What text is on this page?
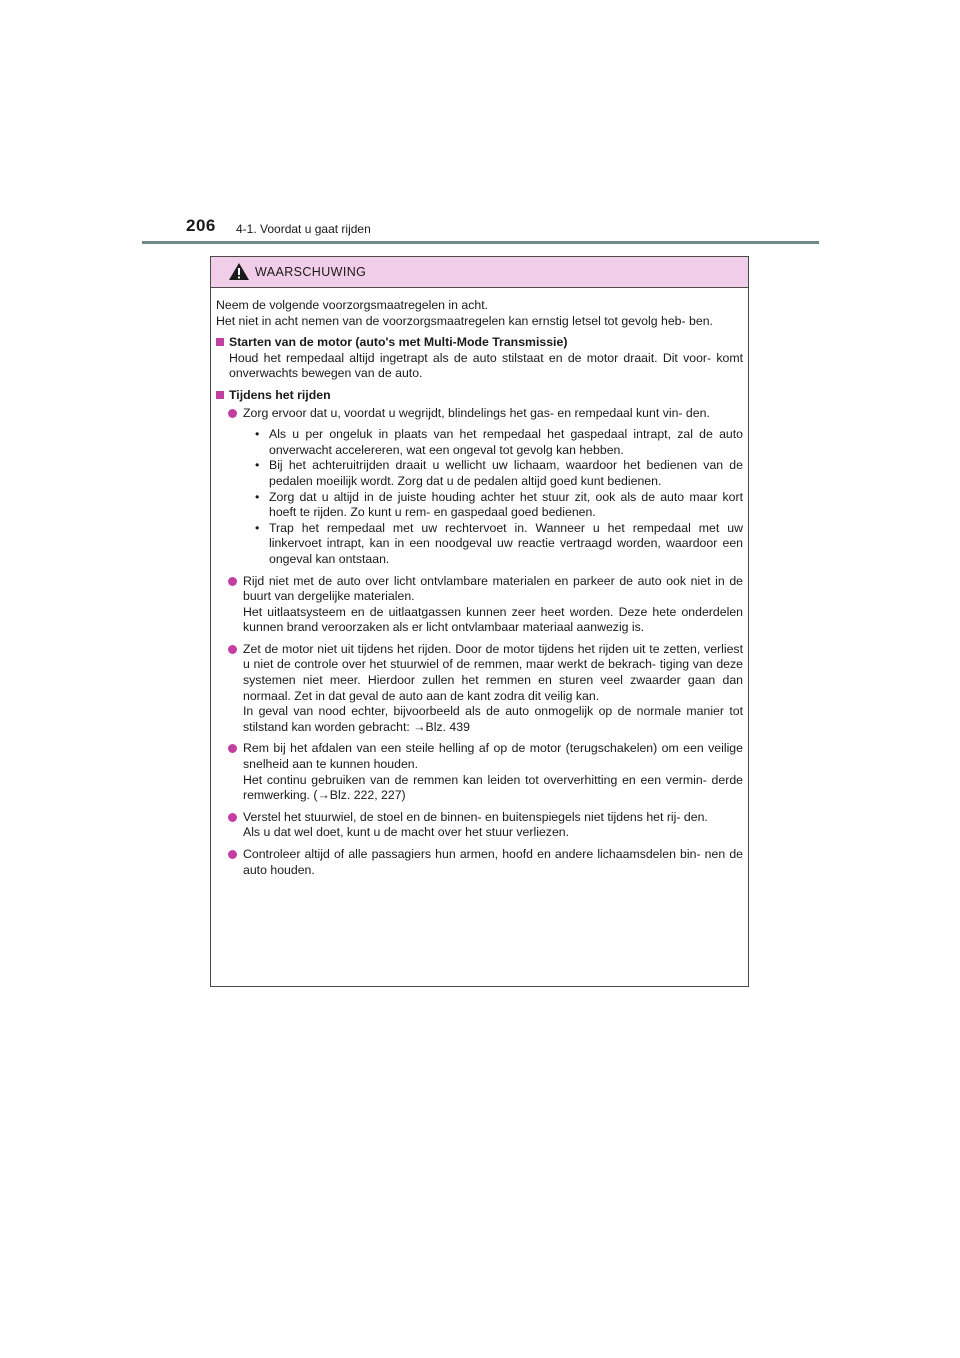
206 4-1. Voordat u gaat rijden
WAARSCHUWING

Neem de volgende voorzorgsmaatregelen in acht.

Het niet in acht nemen van de voorzorgsmaatregelen kan ernstig letsel tot gevolg heb- ben.

Starten van de motor (auto's met Multi-Mode Transmissie)

Houd het rempedaal altijd ingetrapt als de auto stilstaat en de motor draait. Dit voor- komt onverwachts bewegen van de auto.

Tijdens het rijden

Zorg ervoor dat u, voordat u wegrijdt, blindelings het gas- en rempedaal kunt vin- den.

• Als u per ongeluk in plaats van het rempedaal het gaspedaal intrapt, zal de auto onverwacht accelereren, wat een ongeval tot gevolg kan hebben.
• Bij het achteruitrijden draait u wellicht uw lichaam, waardoor het bedienen van de pedalen moeilijk wordt. Zorg dat u de pedalen altijd goed kunt bedienen.
• Zorg dat u altijd in de juiste houding achter het stuur zit, ook als de auto maar kort hoeft te rijden. Zo kunt u rem- en gaspedaal goed bedienen.
• Trap het rempedaal met uw rechtervoet in. Wanneer u het rempedaal met uw linkervoet intrapt, kan in een noodgeval uw reactie vertraagd worden, waardoor een ongeval kan ontstaan.

Rijd niet met de auto over licht ontvlambare materialen en parkeer de auto ook niet in de buurt van dergelijke materialen.

Het uitlaatsysteem en de uitlaatgassen kunnen zeer heet worden. Deze hete onderdelen kunnen brand veroorzaken als er licht ontvlambaar materiaal aanwezig is.

Zet de motor niet uit tijdens het rijden. Door de motor tijdens het rijden uit te zetten, verliest u niet de controle over het stuurwiel of de remmen, maar werkt de bekrach- tiging van deze systemen niet meer. Hierdoor zullen het remmen en sturen veel zwaarder gaan dan normaal. Zet in dat geval de auto aan de kant zodra dit veilig kan.

In geval van nood echter, bijvoorbeeld als de auto onmogelijk op de normale manier tot stilstand kan worden gebracht: →Blz. 439

Rem bij het afdalen van een steile helling af op de motor (terugschakelen) om een veilige snelheid aan te kunnen houden.

Het continu gebruiken van de remmen kan leiden tot oververhitting en een vermin- derde remwerking. (→Blz. 222, 227)

Verstel het stuurwiel, de stoel en de binnen- en buitenspiegels niet tijdens het rij- den.

Als u dat wel doet, kunt u de macht over het stuur verliezen.

Controleer altijd of alle passagiers hun armen, hoofd en andere lichaamsdelen bin- nen de auto houden.
